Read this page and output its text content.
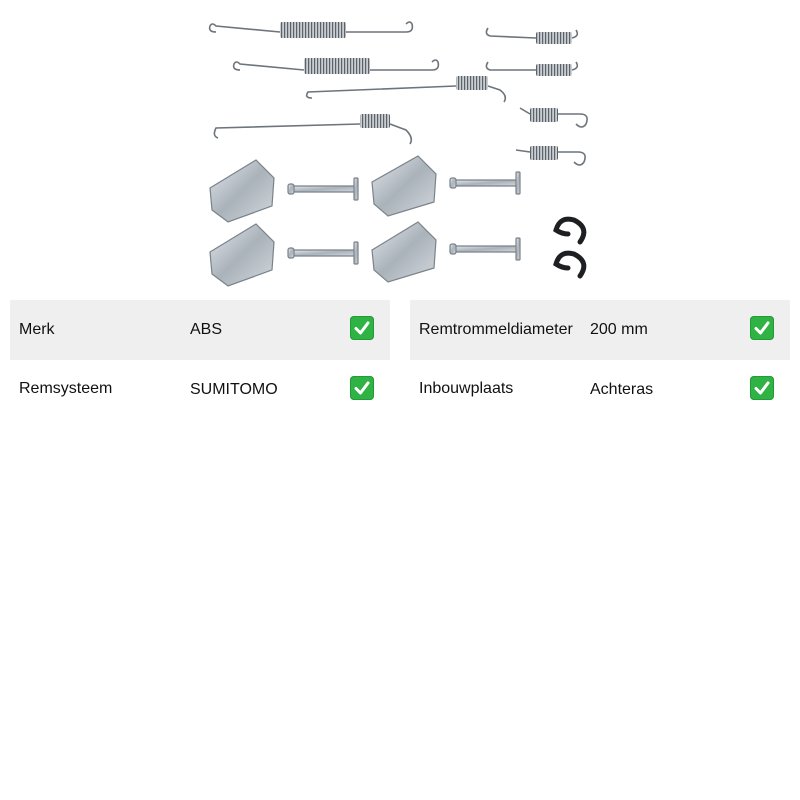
Merk	ABS
Remsysteem	SUMITOMO
Remtrommeldiameter 200 mm
Inbouwplaats	Achteras
